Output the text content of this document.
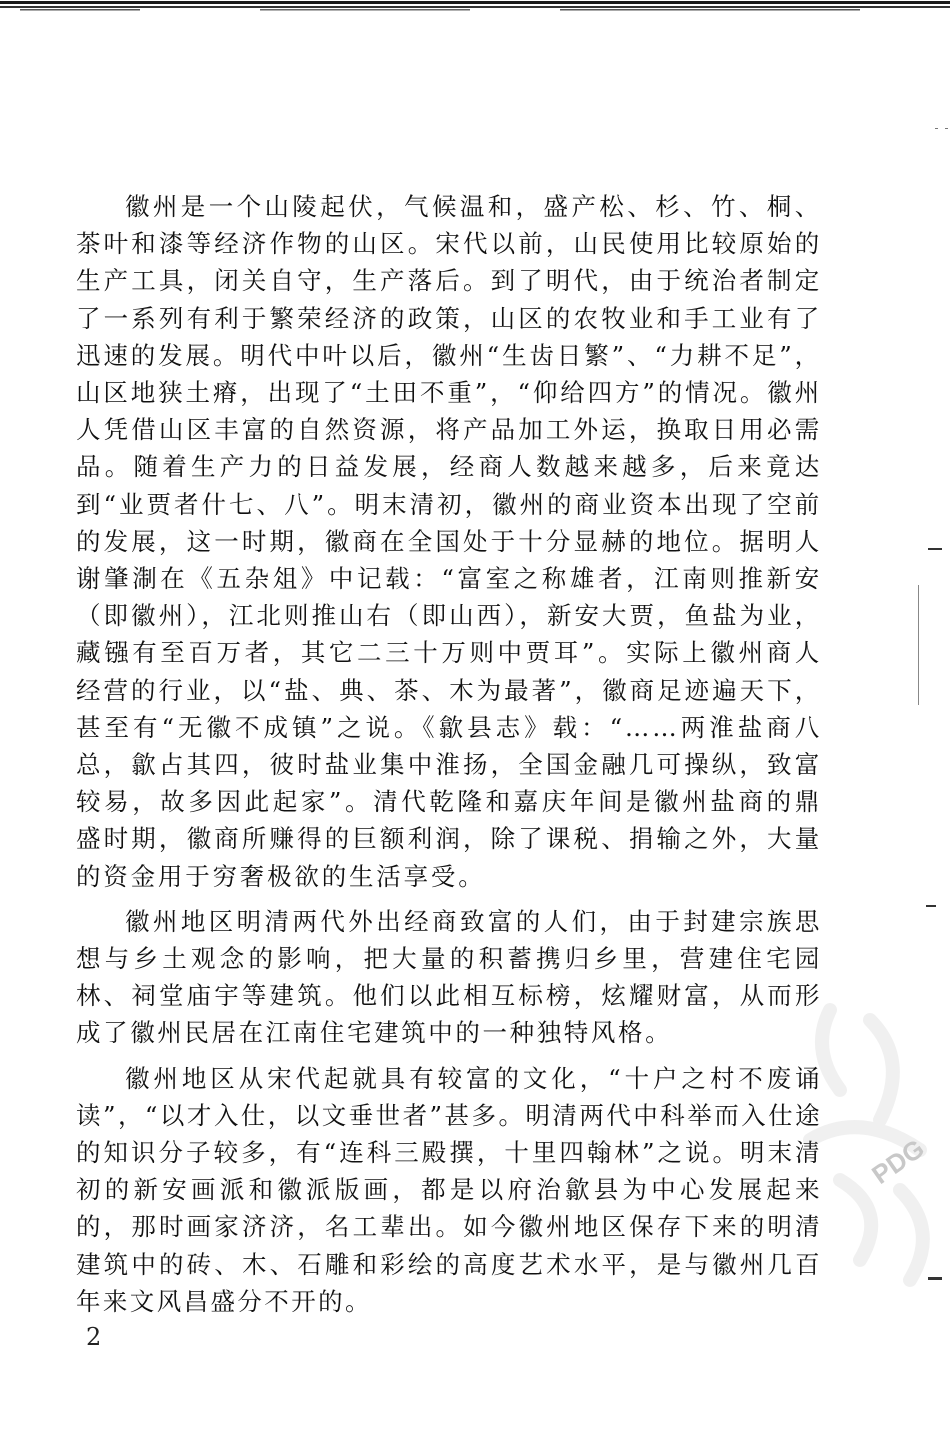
徽州是一个山陵起伏，气候温和，盛产松、杉、竹、桐、茶叶和漆等经济作物的山区。宋代以前，山民使用比较原始的生产工具，闭关自守，生产落后。到了明代，由于统治者制定了一系列有利于繁荣经济的政策，山区的农牧业和手工业有了迅速的发展。明代中叶以后，徽州“生齿日繁”、“力耕不足”，山区地狭土瘠，出现了“土田不重”，“仰给四方”的情况。徽州人凭借山区丰富的自然资源，将产品加工外运，换取日用必需品。随着生产力的日益发展，经商人数越来越多，后来竟达到“业贾者什七、八”。明末清初，徽州的商业资本出现了空前的发展，这一时期，徽商在全国处于十分显赫的地位。据明人谢肇淛在《五杂俎》中记载：“富室之称雄者，江南则推新安（即徽州），江北则推山右（即山西），新安大贾，鱼盐为业，藏镪有至百万者，其它二三十万则中贾耳”。实际上徽州商人经营的行业，以“盐、典、茶、木为最著”，徽商足迹遍天下，甚至有“无徽不成镇”之说。《歙县志》载：“……两淮盐商八总，歙占其四，彼时盐业集中淮扬，全国金融几可操纵，致富较易，故多因此起家”。清代乾隆和嘉庆年间是徽州盐商的鼎盛时期，徽商所赚得的巨额利润，除了课税、捐输之外，大量的资金用于穷奢极欲的生活享受。

徽州地区明清两代外出经商致富的人们，由于封建宗族思想与乡土观念的影响，把大量的积蓄携归乡里，营建住宅园林、祠堂庙宇等建筑。他们以此相互标榜，炫耀财富，从而形成了徽州民居在江南住宅建筑中的一种独特风格。

徽州地区从宋代起就具有较富的文化，“十户之村不废诵读”，“以才入仕，以文垂世者”甚多。明清两代中科举而入仕途的知识分子较多，有“连科三殿撰，十里四翰林”之说。明末清初的新安画派和徽派版画，都是以府治歙县为中心发展起来的，那时画家济济，名工辈出。如今徽州地区保存下来的明清建筑中的砖、木、石雕和彩绘的高度艺术水平，是与徽州几百年来文风昌盛分不开的。

2
PDG
